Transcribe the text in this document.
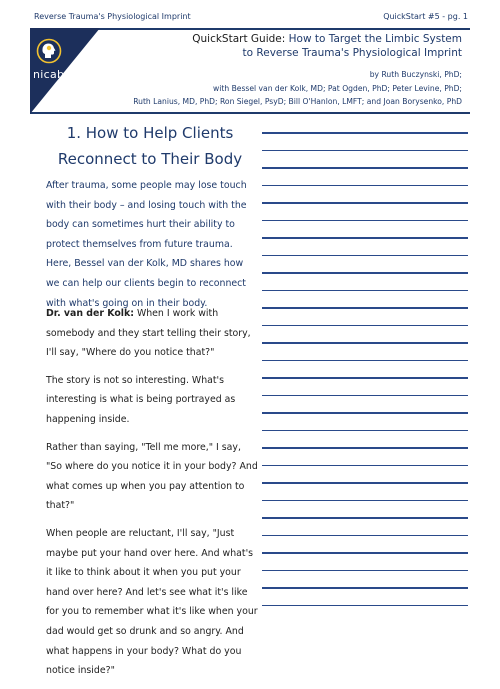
Reverse Trauma's Physiological Imprint	QuickStart #5 - pg. 1
nicabm
QuickStart Guide: How to Target the Limbic System
to Reverse Trauma's Physiological Imprint
by Ruth Buczynski, PhD;
with Bessel van der Kolk, MD; Pat Ogden, PhD; Peter Levine, PhD;
Ruth Lanius, MD, PhD; Ron Siegel, PsyD; Bill O'Hanlon, LMFT; and Joan Borysenko, PhD
1. How to Help Clients
Reconnect to Their Body
After trauma, some people may lose touch with their body – and losing touch with the body can sometimes hurt their ability to protect themselves from future trauma. Here, Bessel van der Kolk, MD shares how we can help our clients begin to reconnect with what's going on in their body.

Dr. van der Kolk: When I work with somebody and they start telling their story, I'll say, "Where do you notice that?"

The story is not so interesting. What's interesting is what is being portrayed as happening inside.

Rather than saying, "Tell me more," I say, "So where do you notice it in your body? And what comes up when you pay attention to that?"

When people are reluctant, I'll say, "Just maybe put your hand over here. And what's it like to think about it when you put your hand over here? And let's see what it's like for you to remember what it's like when your dad would get so drunk and so angry. And what happens in your body? What do you notice inside?"
